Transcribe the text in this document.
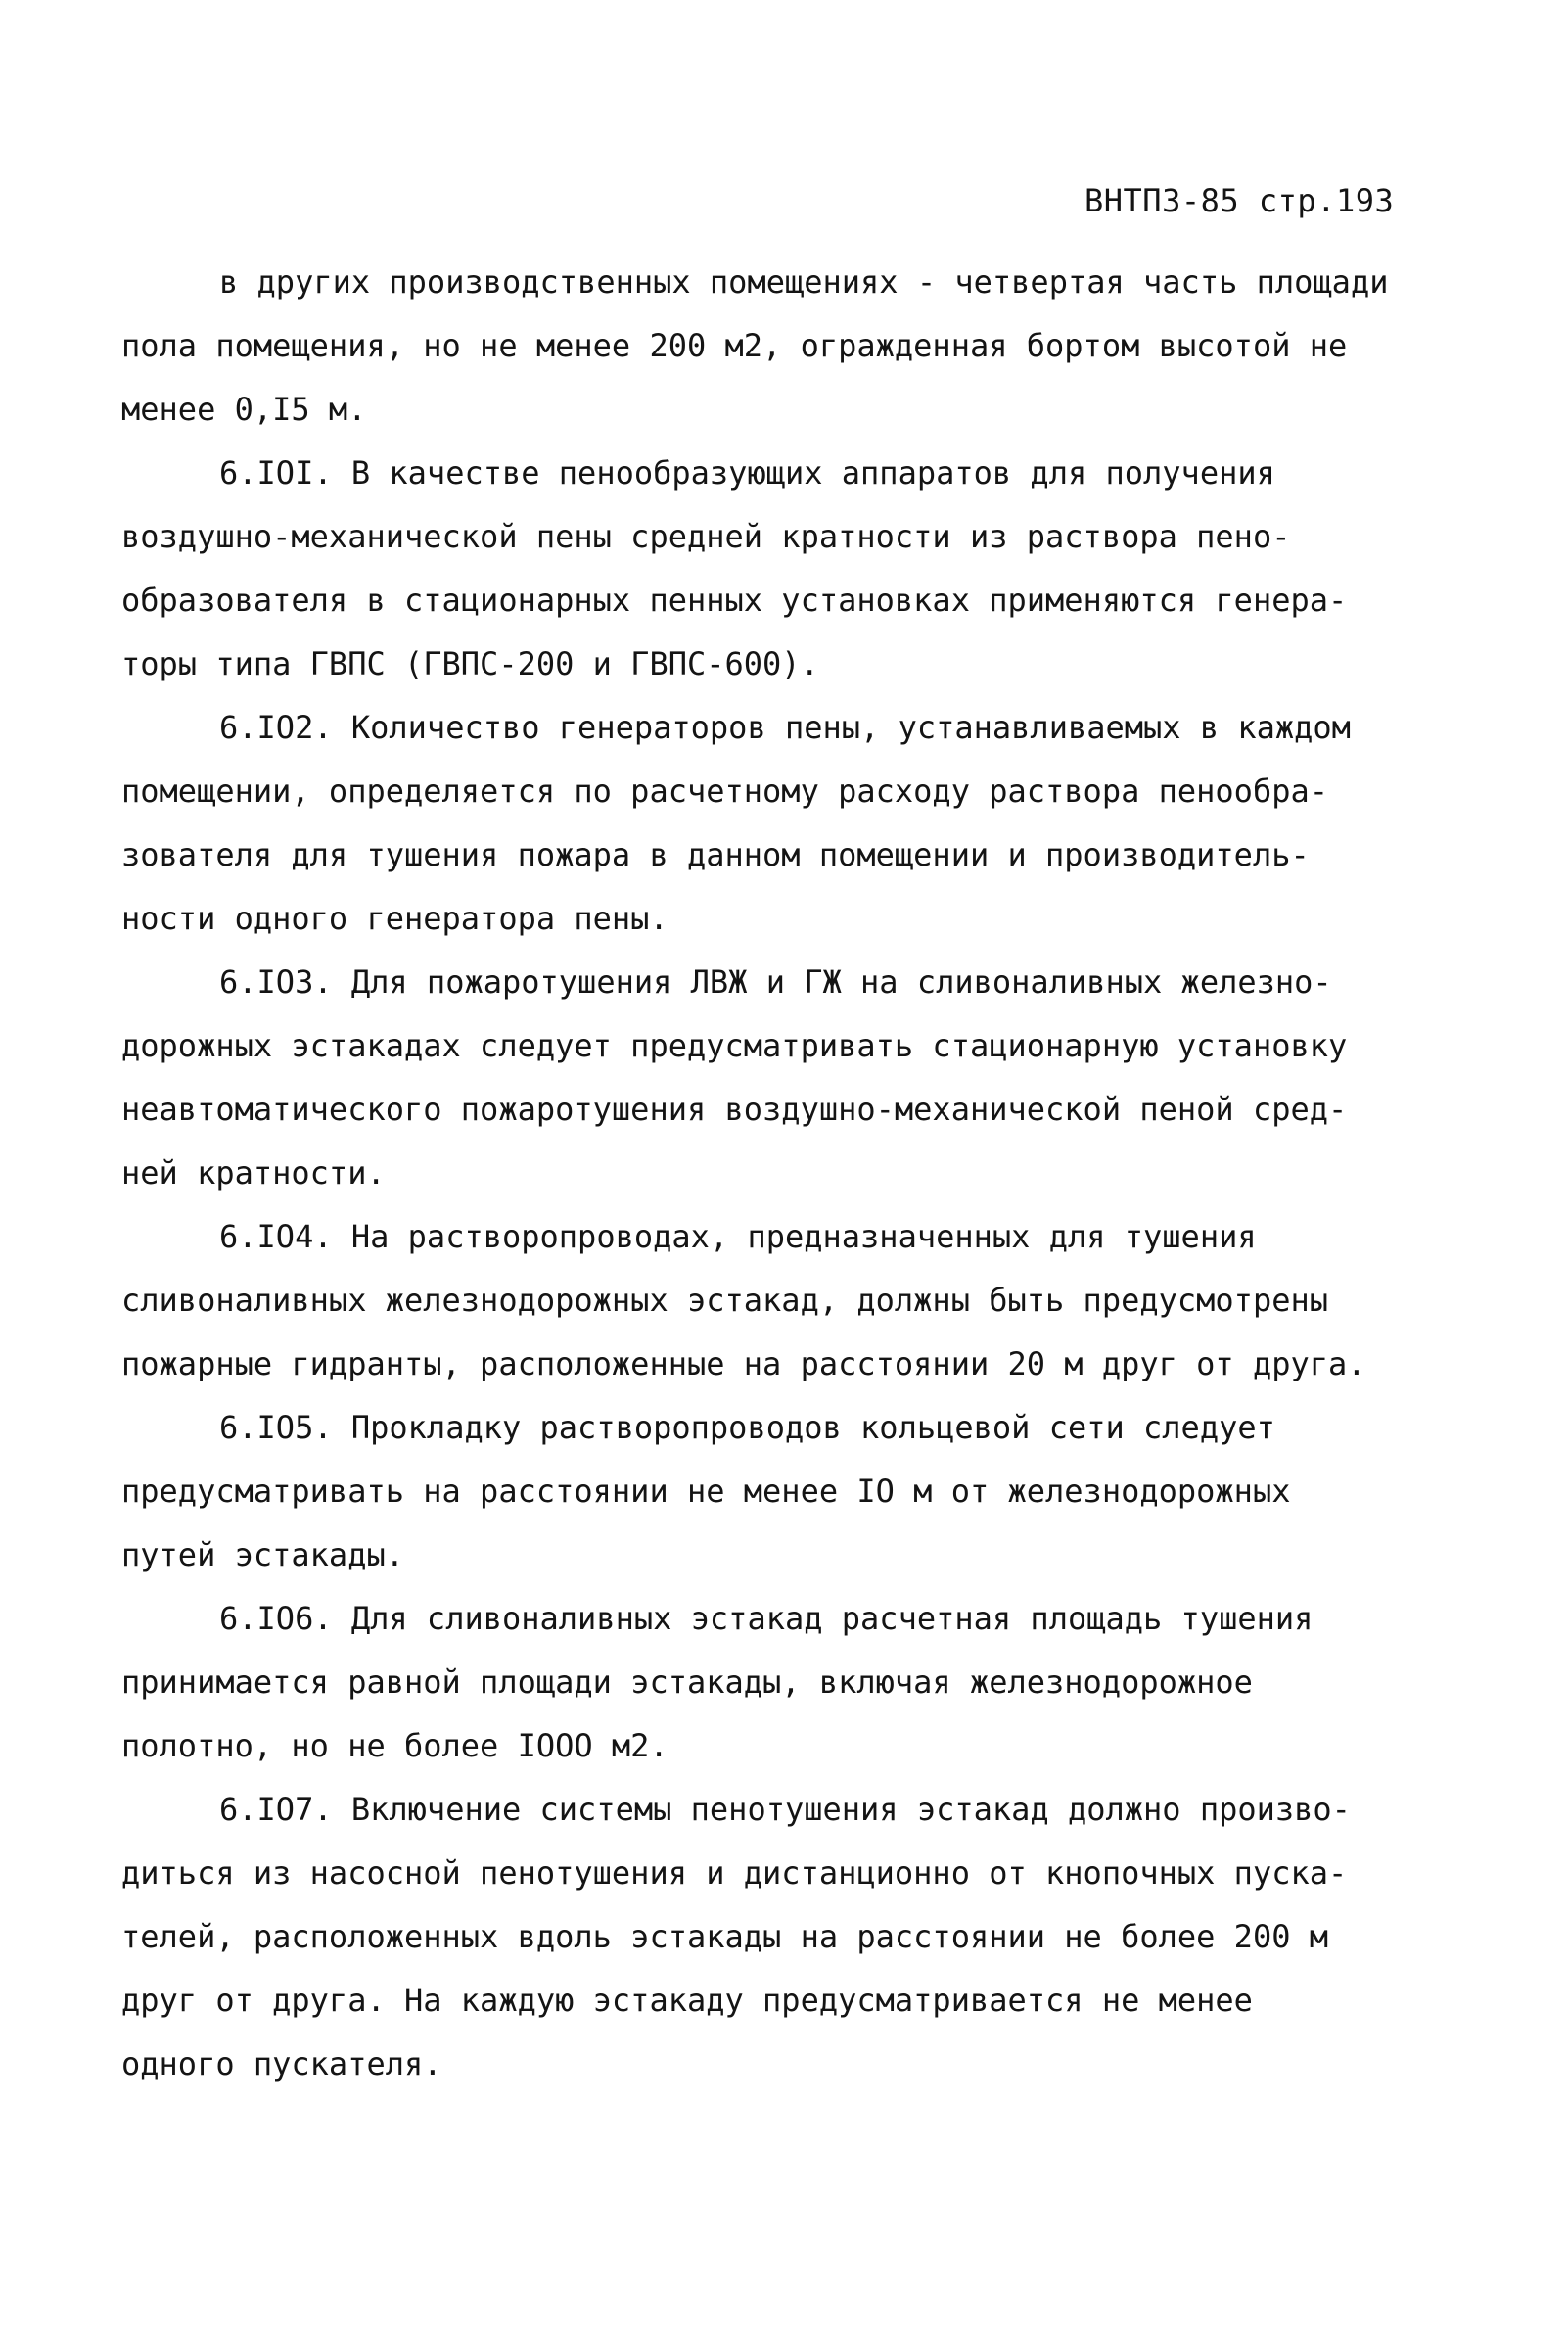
ВНТПЗ-85 стр.193
в других производственных помещениях - четвертая часть площади
пола помещения, но не менее 200 м2, огражденная бортом высотой не
менее 0,I5 м.
6.IOI. В качестве пенообразующих аппаратов для получения
воздушно-механической пены средней кратности из раствора пено-
образователя в стационарных пенных установках применяются генера-
торы типа ГВПС (ГВПС-200 и ГВПС-600).
6.IO2. Количество генераторов пены, устанавливаемых в каждом
помещении, определяется по расчетному расходу раствора пенообра-
зователя для тушения пожара в данном помещении и производитель-
ности одного генератора пены.
6.IO3. Для пожаротушения ЛВЖ и ГЖ на сливоналивных железно-
дорожных эстакадах следует предусматривать стационарную установку
неавтоматического пожаротушения воздушно-механической пеной сред-
ней кратности.
6.IO4. На растворопроводах, предназначенных для тушения
сливоналивных железнодорожных эстакад, должны быть предусмотрены
пожарные гидранты, расположенные на расстоянии 20 м друг от друга.
6.IO5. Прокладку растворопроводов кольцевой сети следует
предусматривать на расстоянии не менее IO м от железнодорожных
путей эстакады.
6.IO6. Для сливоналивных эстакад расчетная площадь тушения
принимается равной площади эстакады, включая железнодорожное
полотно, но не более IOOO м2.
6.IO7. Включение системы пенотушения эстакад должно произво-
диться из насосной пенотушения и дистанционно от кнопочных пуска-
телей, расположенных вдоль эстакады на расстоянии не более 200 м
друг от друга. На каждую эстакаду предусматривается не менее
одного пускателя.
